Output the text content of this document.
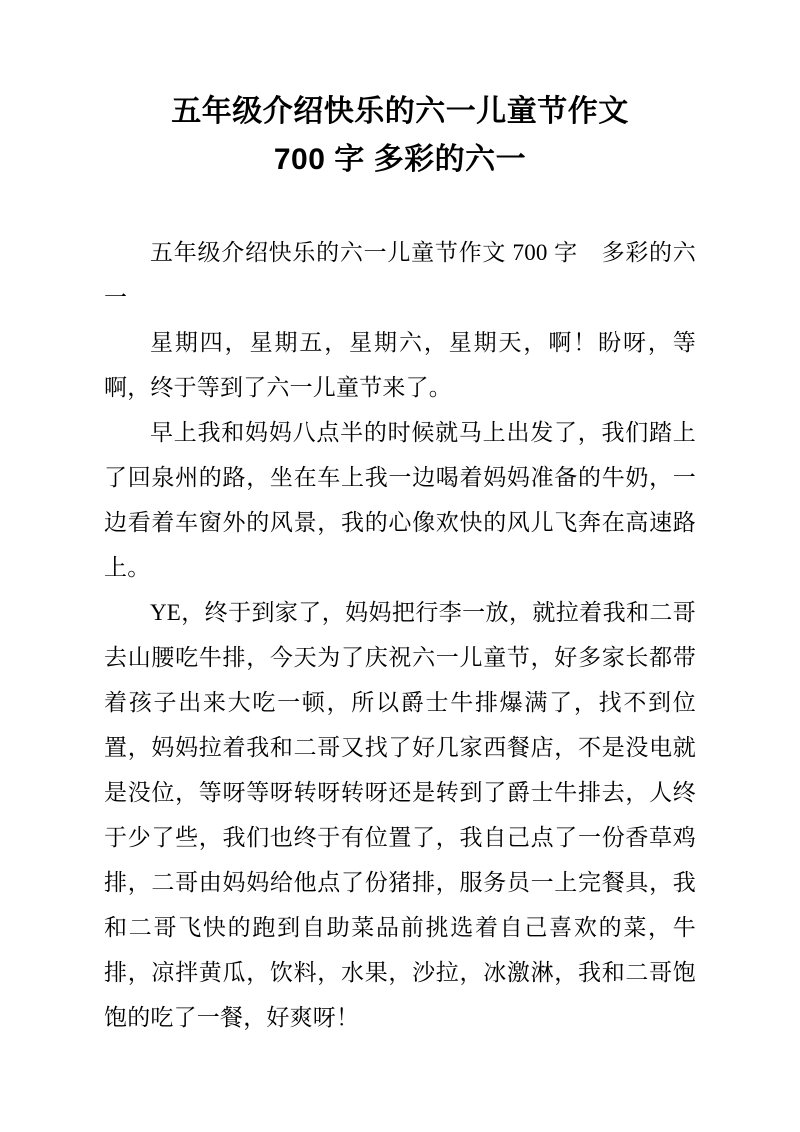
五年级介绍快乐的六一儿童节作文
700 字 多彩的六一

五年级介绍快乐的六一儿童节作文 700 字　多彩的六一

星期四，星期五，星期六，星期天，啊！盼呀，等啊，终于等到了六一儿童节来了。

早上我和妈妈八点半的时候就马上出发了，我们踏上了回泉州的路，坐在车上我一边喝着妈妈准备的牛奶，一边看着车窗外的风景，我的心像欢快的风儿飞奔在高速路上。

YE，终于到家了，妈妈把行李一放，就拉着我和二哥去山腰吃牛排，今天为了庆祝六一儿童节，好多家长都带着孩子出来大吃一顿，所以爵士牛排爆满了，找不到位置，妈妈拉着我和二哥又找了好几家西餐店，不是没电就是没位，等呀等呀转呀转呀还是转到了爵士牛排去，人终于少了些，我们也终于有位置了，我自己点了一份香草鸡排，二哥由妈妈给他点了份猪排，服务员一上完餐具，我和二哥飞快的跑到自助菜品前挑选着自己喜欢的菜，牛排，凉拌黄瓜，饮料，水果，沙拉，冰激淋，我和二哥饱饱的吃了一餐，好爽呀！
